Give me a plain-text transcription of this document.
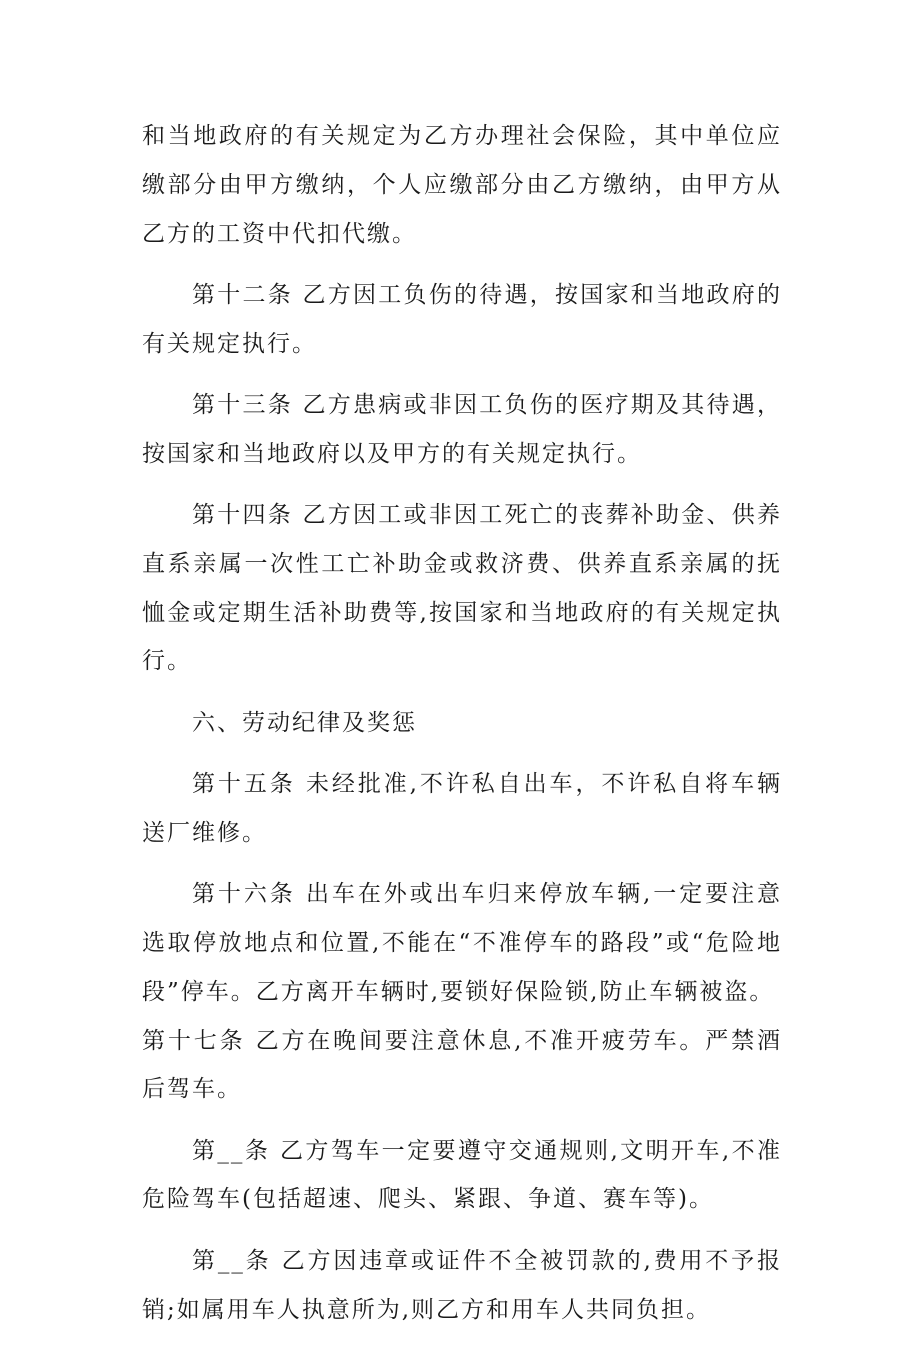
和当地政府的有关规定为乙方办理社会保险，其中单位应缴部分由甲方缴纳，个人应缴部分由乙方缴纳，由甲方从乙方的工资中代扣代缴。

第十二条 乙方因工负伤的待遇，按国家和当地政府的有关规定执行。

第十三条 乙方患病或非因工负伤的医疗期及其待遇，按国家和当地政府以及甲方的有关规定执行。

第十四条 乙方因工或非因工死亡的丧葬补助金、供养直系亲属一次性工亡补助金或救济费、供养直系亲属的抚恤金或定期生活补助费等,按国家和当地政府的有关规定执行。

六、劳动纪律及奖惩

第十五条 未经批准,不许私自出车，不许私自将车辆送厂维修。

第十六条 出车在外或出车归来停放车辆,一定要注意选取停放地点和位置,不能在“不准停车的路段”或“危险地段”停车。乙方离开车辆时,要锁好保险锁,防止车辆被盗。

第十七条 乙方在晚间要注意休息,不准开疲劳车。严禁酒后驾车。

第__条 乙方驾车一定要遵守交通规则,文明开车,不准危险驾车(包括超速、爬头、紧跟、争道、赛车等)。

第__条 乙方因违章或证件不全被罚款的,费用不予报销;如属用车人执意所为,则乙方和用车人共同负担。
